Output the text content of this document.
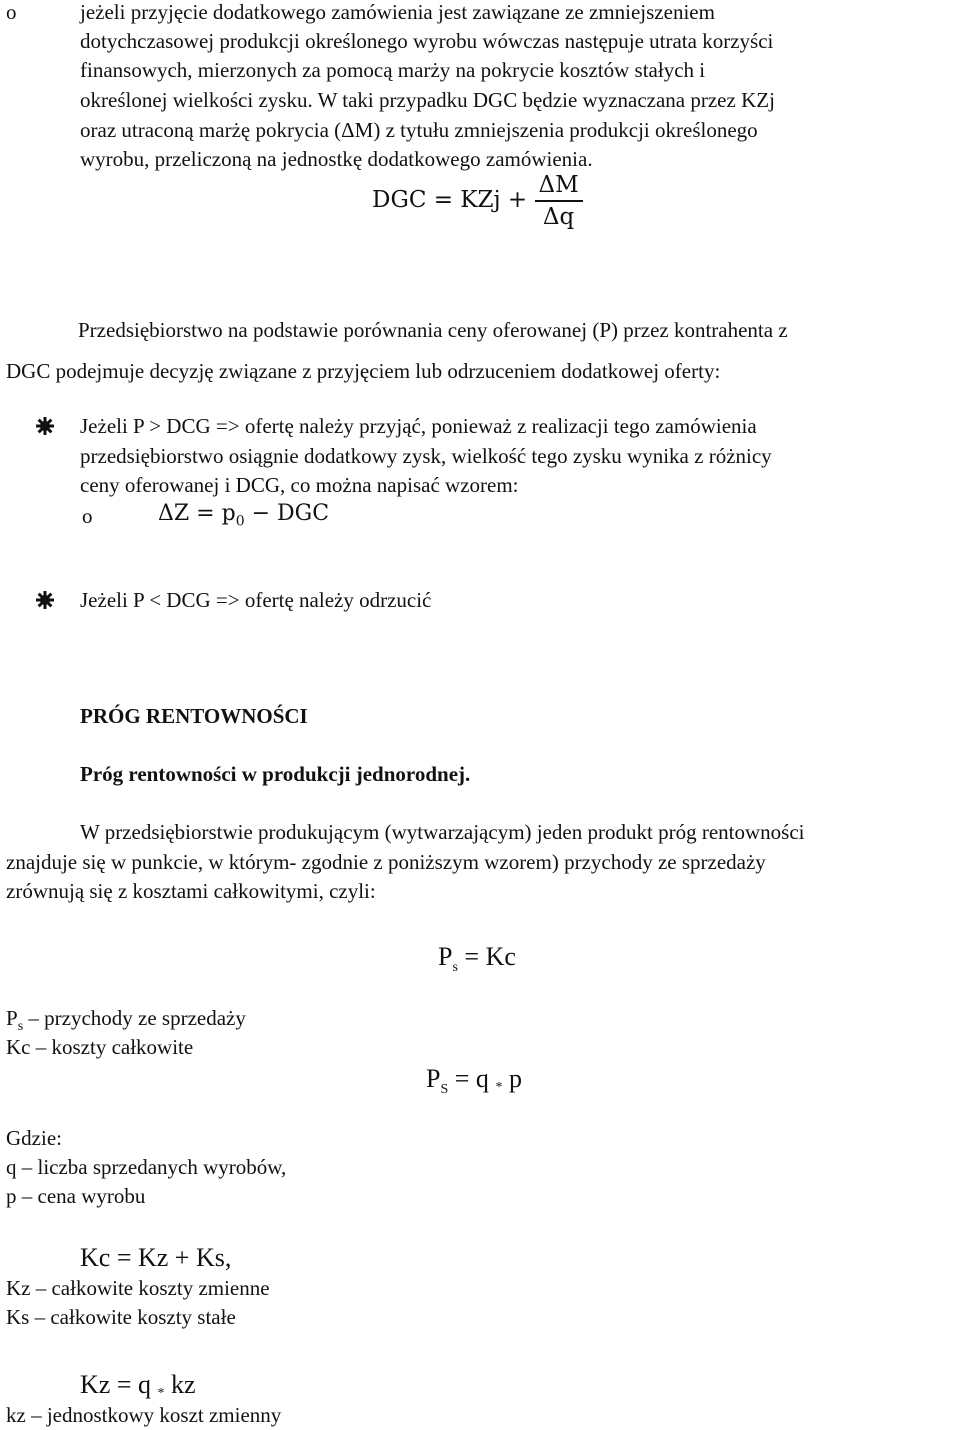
o	jeżeli przyjęcie dodatkowego zamówienia jest zawiązane ze zmniejszeniem
dotychczasowej produkcji określonego wyrobu wówczas następuje utrata korzyści
finansowych, mierzonych za pomocą marży na pokrycie kosztów stałych i
określonej wielkości zysku. W taki przypadku DGC będzie wyznaczana przez KZj
oraz utraconą marżę pokrycia (ΔM) z tytułu zmniejszenia produkcji określonego
wyrobu, przeliczoną na jednostkę dodatkowego zamówienia.
DGC = KZj + $\frac{\Delta M}{\Delta q}$
Przedsiębiorstwo na podstawie porównania ceny oferowanej (P) przez kontrahenta z
DGC podejmuje decyzję związane z przyjęciem lub odrzuceniem dodatkowej oferty:
Jeżeli P > DCG => ofertę należy przyjąć, ponieważ z realizacji tego zamówienia
przedsiębiorstwo osiągnie dodatkowy zysk, wielkość tego zysku wynika z różnicy
ceny oferowanej i DCG, co można napisać wzorem:
o	$\Delta Z = p_0$ − DGC
Jeżeli P < DCG => ofertę należy odrzucić
PRÓG RENTOWNOŚCI
Próg rentowności w produkcji jednorodnej.
W przedsiębiorstwie produkującym (wytwarzającym) jeden produkt próg rentowności
znajduje się w punkcie, w którym- zgodnie z poniższym wzorem) przychody ze sprzedaży
zrównują się z kosztami całkowitymi, czyli:
$P_s = Kc$
$P_s$ – przychody ze sprzedaży
Kc – koszty całkowite
$P_S = q * p$
Gdzie:
q – liczba sprzedanych wyrobów,
p – cena wyrobu
Kc = Kz + Ks,
Kz – całkowite koszty zmienne
Ks – całkowite koszty stałe
Kz = q * kz
kz – jednostkowy koszt zmienny
